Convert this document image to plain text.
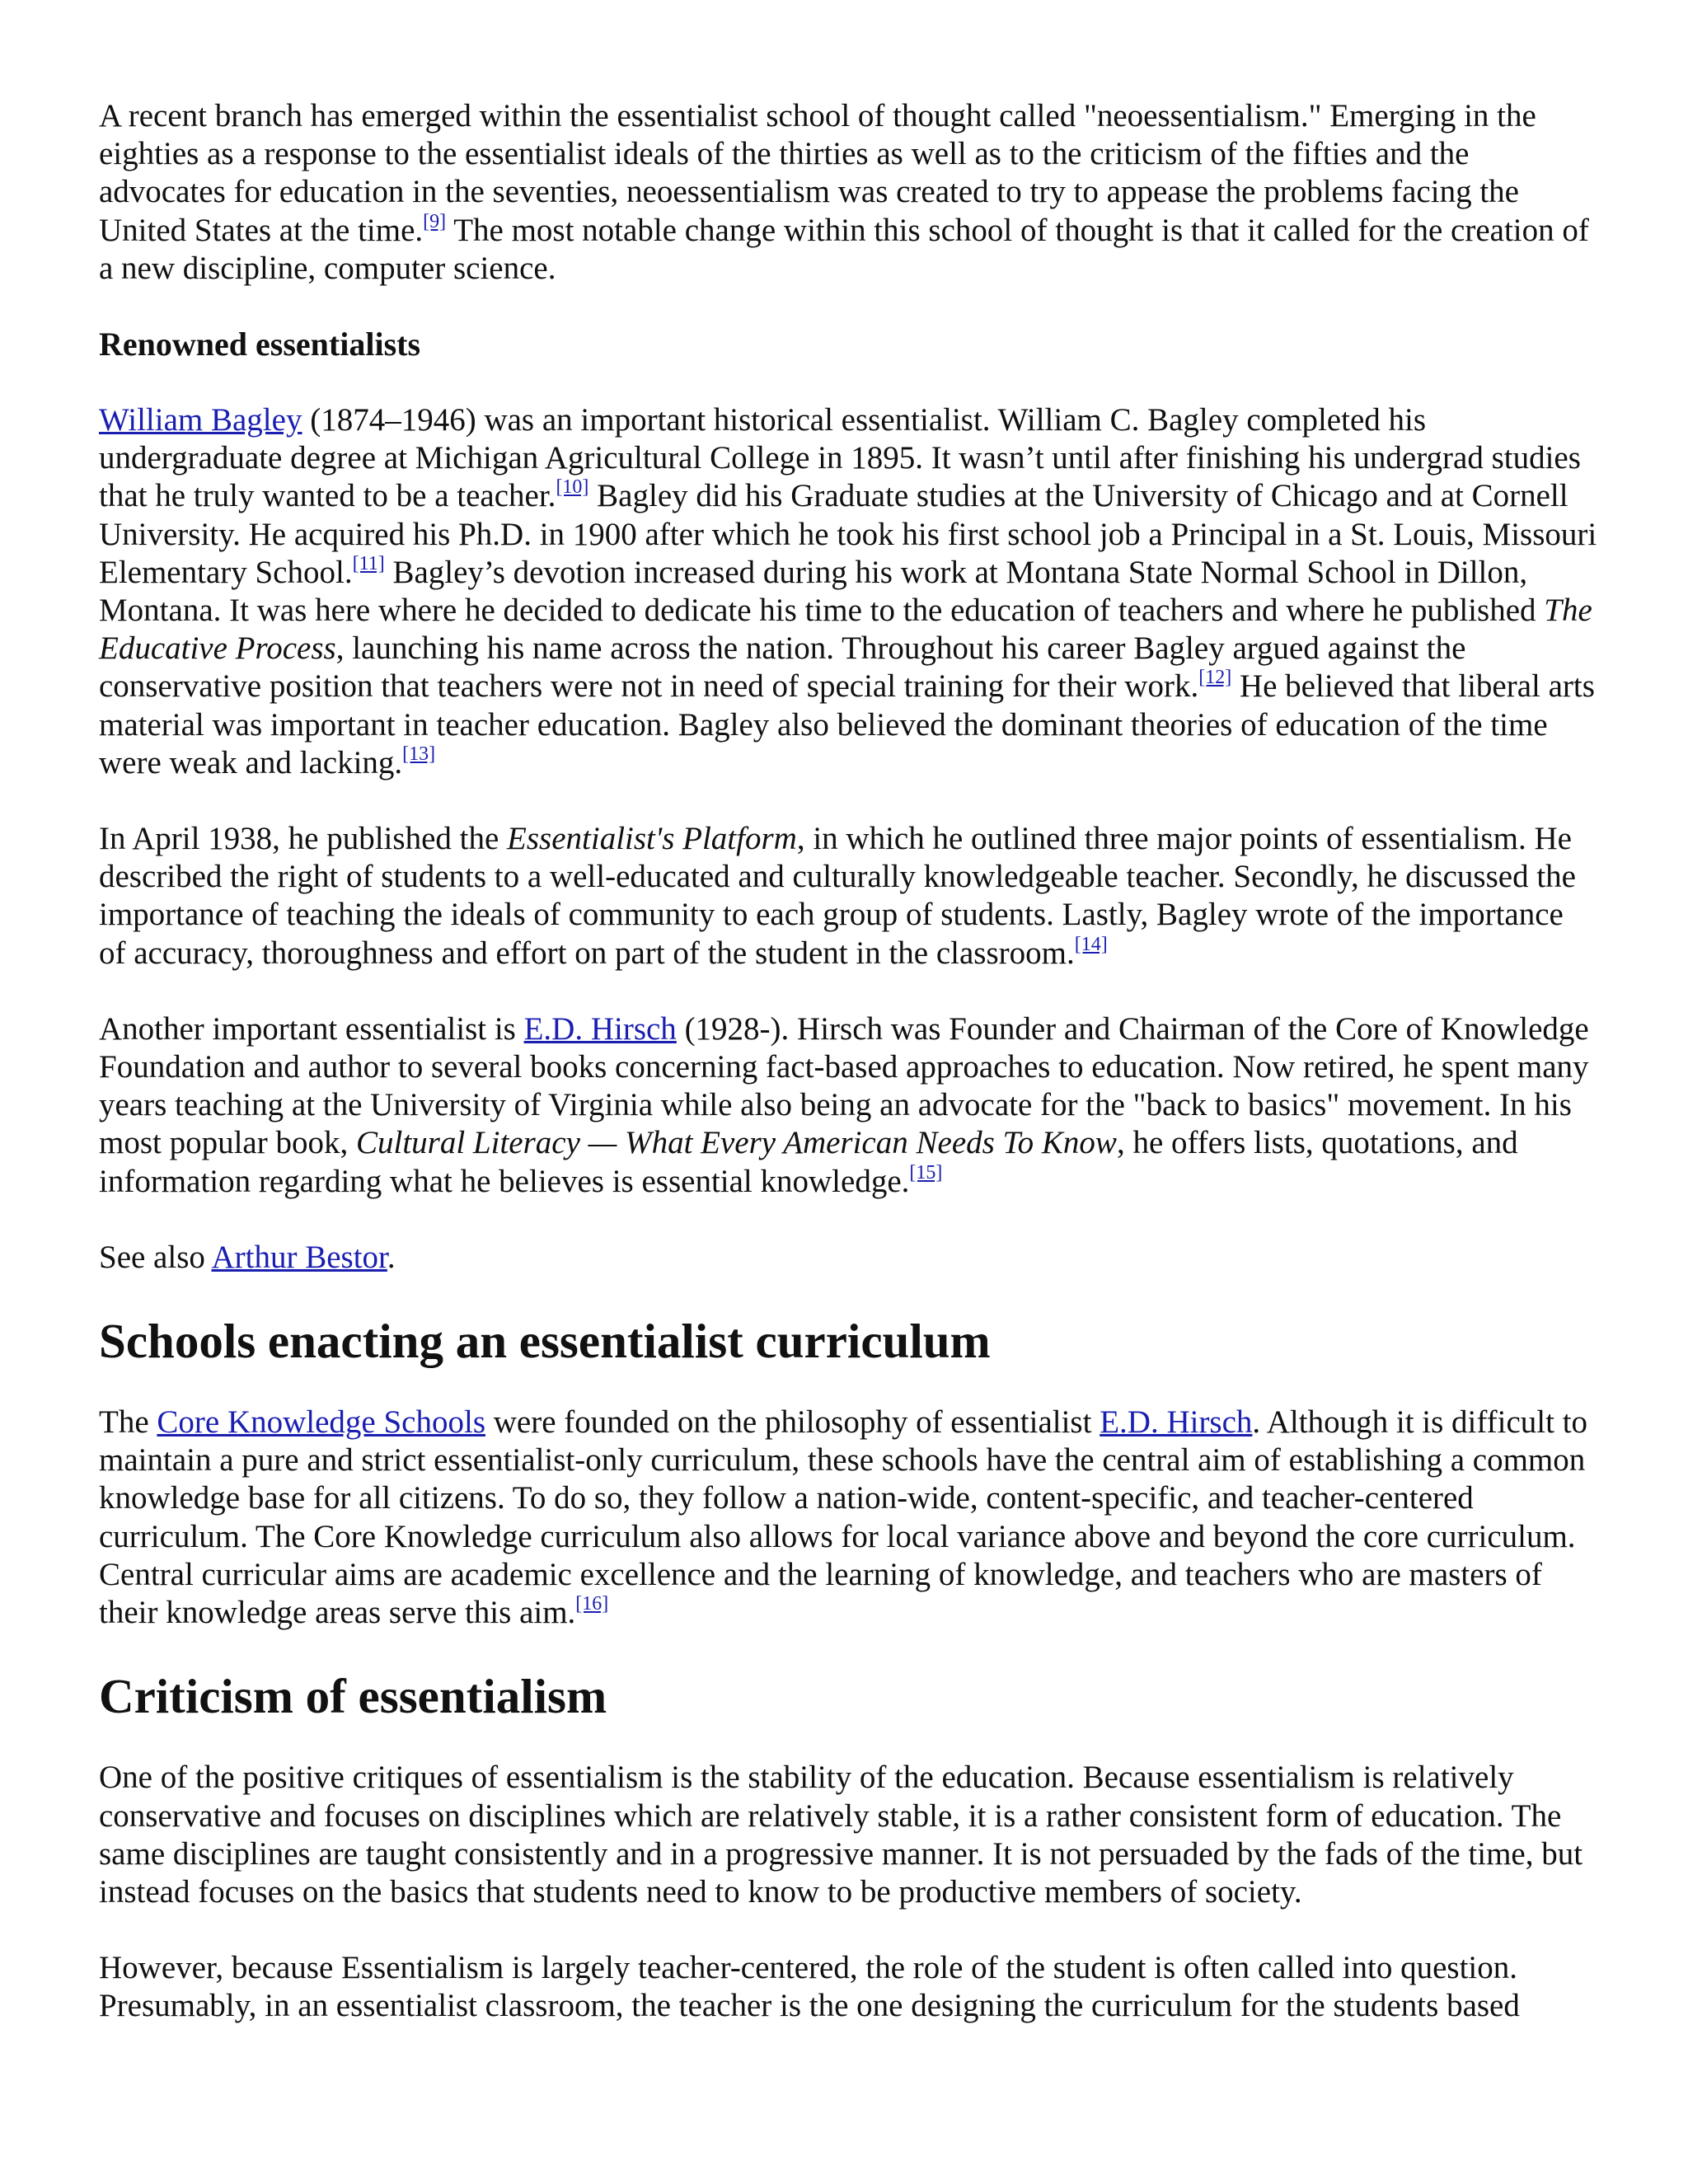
A recent branch has emerged within the essentialist school of thought called "neoessentialism." Emerging in the eighties as a response to the essentialist ideals of the thirties as well as to the criticism of the fifties and the advocates for education in the seventies, neoessentialism was created to try to appease the problems facing the United States at the time.[9] The most notable change within this school of thought is that it called for the creation of a new discipline, computer science.

Renowned essentialists

William Bagley (1874–1946) was an important historical essentialist. William C. Bagley completed his undergraduate degree at Michigan Agricultural College in 1895. It wasn’t until after finishing his undergrad studies that he truly wanted to be a teacher.[10] Bagley did his Graduate studies at the University of Chicago and at Cornell University. He acquired his Ph.D. in 1900 after which he took his first school job a Principal in a St. Louis, Missouri Elementary School.[11] Bagley’s devotion increased during his work at Montana State Normal School in Dillon, Montana. It was here where he decided to dedicate his time to the education of teachers and where he published The Educative Process, launching his name across the nation. Throughout his career Bagley argued against the conservative position that teachers were not in need of special training for their work.[12] He believed that liberal arts material was important in teacher education. Bagley also believed the dominant theories of education of the time were weak and lacking.[13]

In April 1938, he published the Essentialist's Platform, in which he outlined three major points of essentialism. He described the right of students to a well-educated and culturally knowledgeable teacher. Secondly, he discussed the importance of teaching the ideals of community to each group of students. Lastly, Bagley wrote of the importance of accuracy, thoroughness and effort on part of the student in the classroom.[14]

Another important essentialist is E.D. Hirsch (1928-). Hirsch was Founder and Chairman of the Core of Knowledge Foundation and author to several books concerning fact-based approaches to education. Now retired, he spent many years teaching at the University of Virginia while also being an advocate for the "back to basics" movement. In his most popular book, Cultural Literacy — What Every American Needs To Know, he offers lists, quotations, and information regarding what he believes is essential knowledge.[15]

See also Arthur Bestor.

Schools enacting an essentialist curriculum

The Core Knowledge Schools were founded on the philosophy of essentialist E.D. Hirsch. Although it is difficult to maintain a pure and strict essentialist-only curriculum, these schools have the central aim of establishing a common knowledge base for all citizens. To do so, they follow a nation-wide, content-specific, and teacher-centered curriculum. The Core Knowledge curriculum also allows for local variance above and beyond the core curriculum. Central curricular aims are academic excellence and the learning of knowledge, and teachers who are masters of their knowledge areas serve this aim.[16]

Criticism of essentialism

One of the positive critiques of essentialism is the stability of the education. Because essentialism is relatively conservative and focuses on disciplines which are relatively stable, it is a rather consistent form of education. The same disciplines are taught consistently and in a progressive manner. It is not persuaded by the fads of the time, but instead focuses on the basics that students need to know to be productive members of society.

However, because Essentialism is largely teacher-centered, the role of the student is often called into question. Presumably, in an essentialist classroom, the teacher is the one designing the curriculum for the students based
